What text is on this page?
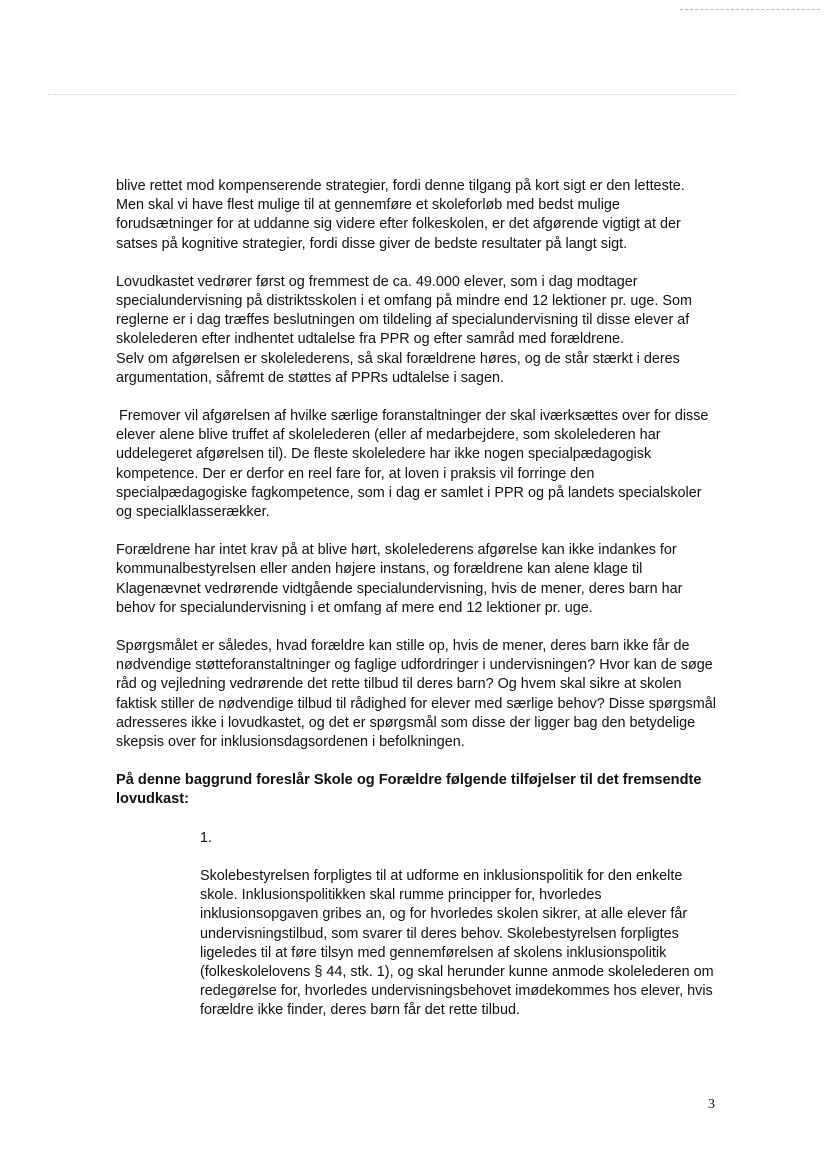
blive rettet mod kompenserende strategier, fordi denne tilgang på kort sigt er den letteste. Men skal vi have flest mulige til at gennemføre et skoleforløb med bedst mulige forudsætninger for at uddanne sig videre efter folkeskolen, er det afgørende vigtigt at der satses på kognitive strategier, fordi disse giver de bedste resultater på langt sigt.

Lovudkastet vedrører først og fremmest de ca. 49.000 elever, som i dag modtager specialundervisning på distriktsskolen i et omfang på mindre end 12 lektioner pr. uge. Som reglerne er i dag træffes beslutningen om tildeling af specialundervisning til disse elever af skolelederen efter indhentet udtalelse fra PPR og efter samråd med forældrene.

Selv om afgørelsen er skolelederens, så skal forældrene høres, og de står stærkt i deres argumentation, såfremt de støttes af PPRs udtalelse i sagen.

Fremover vil afgørelsen af hvilke særlige foranstaltninger der skal iværksættes over for disse elever alene blive truffet af skolelederen (eller af medarbejdere, som skolelederen har uddelegeret afgørelsen til). De fleste skoleledere har ikke nogen specialpædagogisk kompetence. Der er derfor en reel fare for, at loven i praksis vil forringe den specialpædagogiske fagkompetence, som i dag er samlet i PPR og på landets specialskoler og specialklasserækker.

Forældrene har intet krav på at blive hørt, skolelederens afgørelse kan ikke indankes for kommunalbestyrelsen eller anden højere instans, og forældrene kan alene klage til Klagenævnet vedrørende vidtgående specialundervisning, hvis de mener, deres barn har behov for specialundervisning i et omfang af mere end 12 lektioner pr. uge.

Spørgsmålet er således, hvad forældre kan stille op, hvis de mener, deres barn ikke får de nødvendige støtteforanstaltninger og faglige udfordringer i undervisningen? Hvor kan de søge råd og vejledning vedrørende det rette tilbud til deres barn? Og hvem skal sikre at skolen faktisk stiller de nødvendige tilbud til rådighed for elever med særlige behov? Disse spørgsmål adresseres ikke i lovudkastet, og det er spørgsmål som disse der ligger bag den betydelige skepsis over for inklusionsdagsordenen i befolkningen.

På denne baggrund foreslår Skole og Forældre følgende tilføjelser til det fremsendte lovudkast:

1.

Skolebestyrelsen forpligtes til at udforme en inklusionspolitik for den enkelte skole. Inklusionspolitikken skal rumme principper for, hvorledes inklusionsopgaven gribes an, og for hvorledes skolen sikrer, at alle elever får undervisningstilbud, som svarer til deres behov. Skolebestyrelsen forpligtes ligeledes til at føre tilsyn med gennemførelsen af skolens inklusionspolitik (folkeskolelovens § 44, stk. 1), og skal herunder kunne anmode skolelederen om redegørelse for, hvorledes undervisningsbehovet imødekommes hos elever, hvis forældre ikke finder, deres børn får det rette tilbud.

3
